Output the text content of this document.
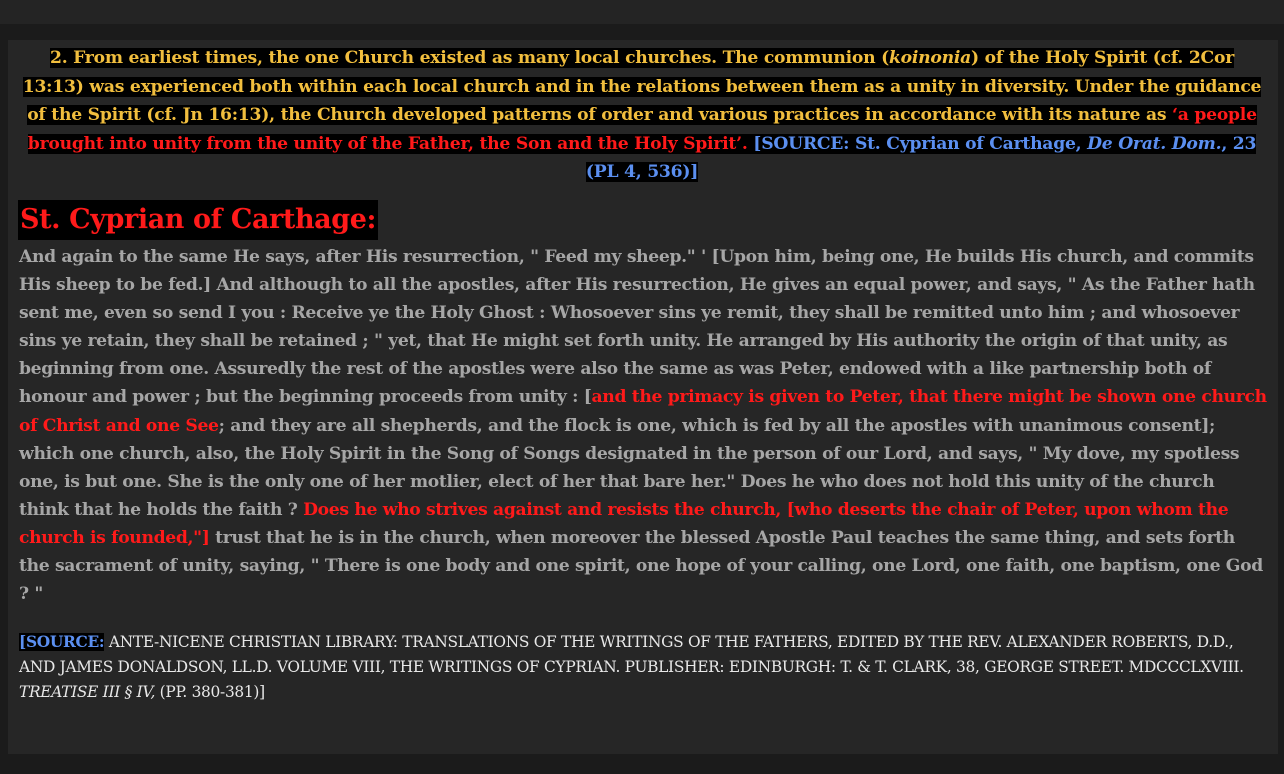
2. From earliest times, the one Church existed as many local churches. The communion (koinonia) of the Holy Spirit (cf. 2Cor 13:13) was experienced both within each local church and in the relations between them as a unity in diversity. Under the guidance of the Spirit (cf. Jn 16:13), the Church developed patterns of order and various practices in accordance with its nature as ‘a people brought into unity from the unity of the Father, the Son and the Holy Spirit’. [SOURCE: St. Cyprian of Carthage, De Orat. Dom., 23 (PL 4, 536)]

St. Cyprian of Carthage:

And again to the same He says, after His resurrection, " Feed my sheep." ' [Upon him, being one, He builds His church, and commits His sheep to be fed.] And although to all the apostles, after His resurrection, He gives an equal power, and says, " As the Father hath sent me, even so send I you : Receive ye the Holy Ghost : Whosoever sins ye remit, they shall be remitted unto him ; and whosoever sins ye retain, they shall be retained ; " yet, that He might set forth unity. He arranged by His authority the origin of that unity, as beginning from one. Assuredly the rest of the apostles were also the same as was Peter, endowed with a like partnership both of honour and power ; but the beginning proceeds from unity : [and the primacy is given to Peter, that there might be shown one church of Christ and one See; and they are all shepherds, and the flock is one, which is fed by all the apostles with unanimous consent]; which one church, also, the Holy Spirit in the Song of Songs designated in the person of our Lord, and says, " My dove, my spotless one, is but one. She is the only one of her motlier, elect of her that bare her." Does he who does not hold this unity of the church think that he holds the faith ? Does he who strives against and resists the church, [who deserts the chair of Peter, upon whom the church is founded,"] trust that he is in the church, when moreover the blessed Apostle Paul teaches the same thing, and sets forth the sacrament of unity, saying, " There is one body and one spirit, one hope of your calling, one Lord, one faith, one baptism, one God ? "

[SOURCE: ANTE-NICENE CHRISTIAN LIBRARY: TRANSLATIONS OF THE WRITINGS OF THE FATHERS, EDITED BY THE REV. ALEXANDER ROBERTS, D.D., AND JAMES DONALDSON, LL.D. VOLUME VIII, THE WRITINGS OF CYPRIAN. PUBLISHER: EDINBURGH: T. & T. CLARK, 38, GEORGE STREET. MDCCCLXVIII. TREATISE III § IV, (PP. 380-381)]
